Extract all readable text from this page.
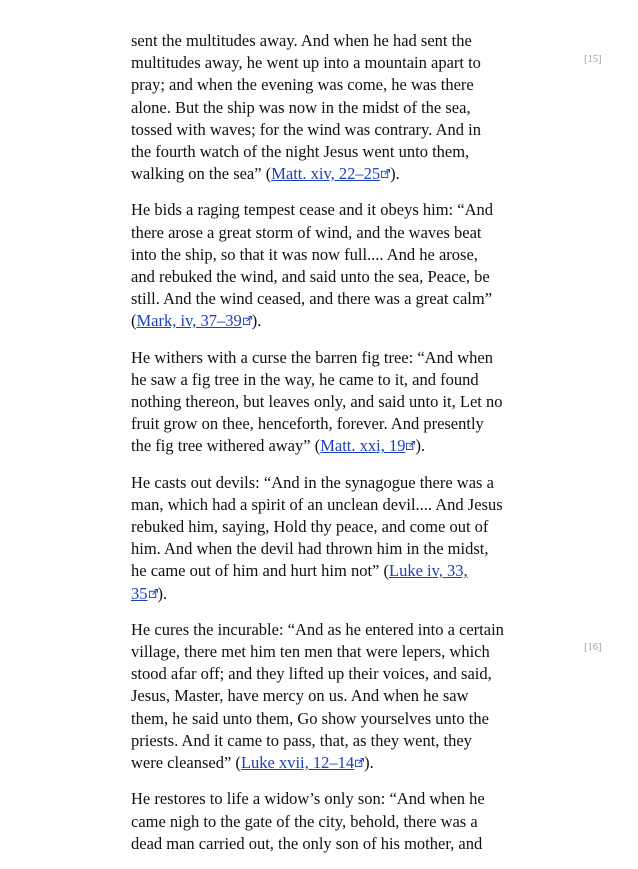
[15]
[16]

sent the multitudes away. And when he had sent the
multitudes away, he went up into a mountain apart to
pray; and when the evening was come, he was there
alone. But the ship was now in the midst of the sea,
tossed with waves; for the wind was contrary. And in
the fourth watch of the night Jesus went unto them,
walking on the sea” (Matt. xiv, 22–25 ).

He bids a raging tempest cease and it obeys him: “And
there arose a great storm of wind, and the waves beat
into the ship, so that it was now full.... And he arose,
and rebuked the wind, and said unto the sea, Peace, be
still. And the wind ceased, and there was a great calm”
(Mark, iv, 37–39 ).

He withers with a curse the barren fig tree: “And when
he saw a fig tree in the way, he came to it, and found
nothing thereon, but leaves only, and said unto it, Let no
fruit grow on thee, henceforth, forever. And presently
the fig tree withered away” (Matt. xxi, 19 ).

He casts out devils: “And in the synagogue there was a
man, which had a spirit of an unclean devil.... And Jesus
rebuked him, saying, Hold thy peace, and come out of
him. And when the devil had thrown him in the midst,
he came out of him and hurt him not” (Luke iv, 33,
35 ).

He cures the incurable: “And as he entered into a certain
village, there met him ten men that were lepers, which
stood afar off; and they lifted up their voices, and said,
Jesus, Master, have mercy on us. And when he saw
them, he said unto them, Go show yourselves unto the
priests. And it came to pass, that, as they went, they
were cleansed” (Luke xvii, 12–14 ).

He restores to life a widow’s only son: “And when he
came nigh to the gate of the city, behold, there was a
dead man carried out, the only son of his mother, and
